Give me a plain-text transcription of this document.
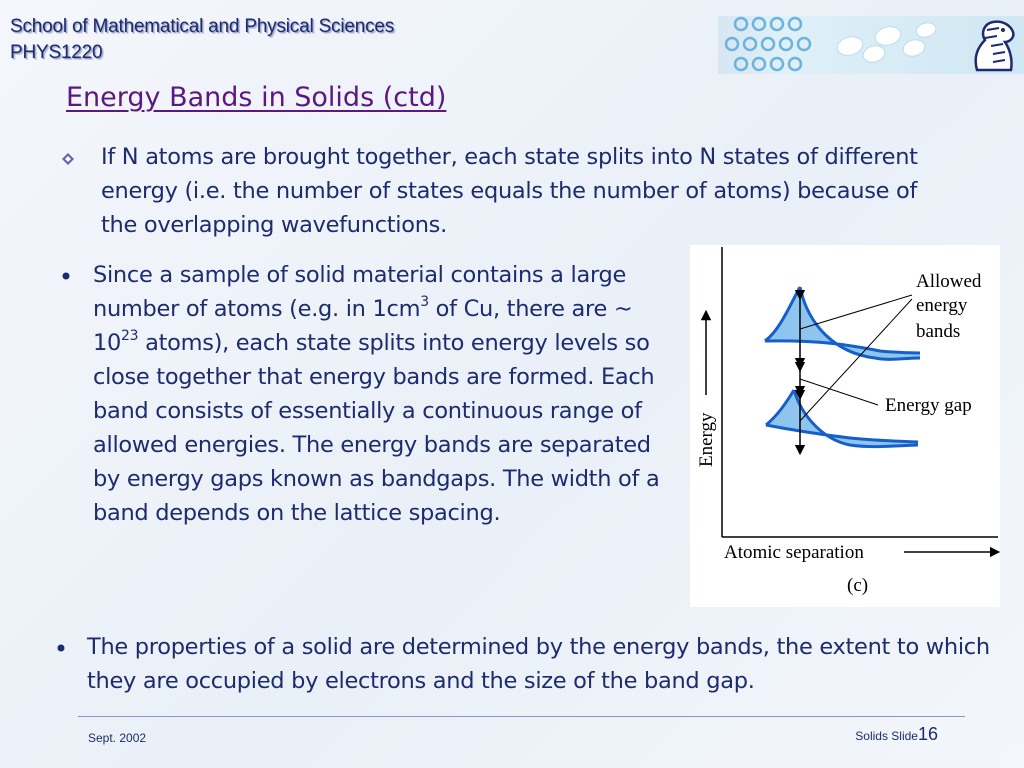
School of Mathematical and Physical Sciences
PHYS1220
Energy Bands in Solids (ctd)

If N atoms are brought together, each state splits into N states of different energy (i.e. the number of states equals the number of atoms) because of the overlapping wavefunctions.

Since a sample of solid material contains a large number of atoms (e.g. in $1cm^3$ of Cu, there are ~ $10^{23}$ atoms), each state splits into energy levels so close together that energy bands are formed. Each band consists of essentially a continuous range of allowed energies. The energy bands are separated by energy gaps known as bandgaps. The width of a band depends on the lattice spacing.

Allowed
energy
bands
Energy gap
Energy
Atomic separation
(c)

The properties of a solid are determined by the energy bands, the extent to which they are occupied by electrons and the size of the band gap.

Sept. 2002	Solids Slide16
